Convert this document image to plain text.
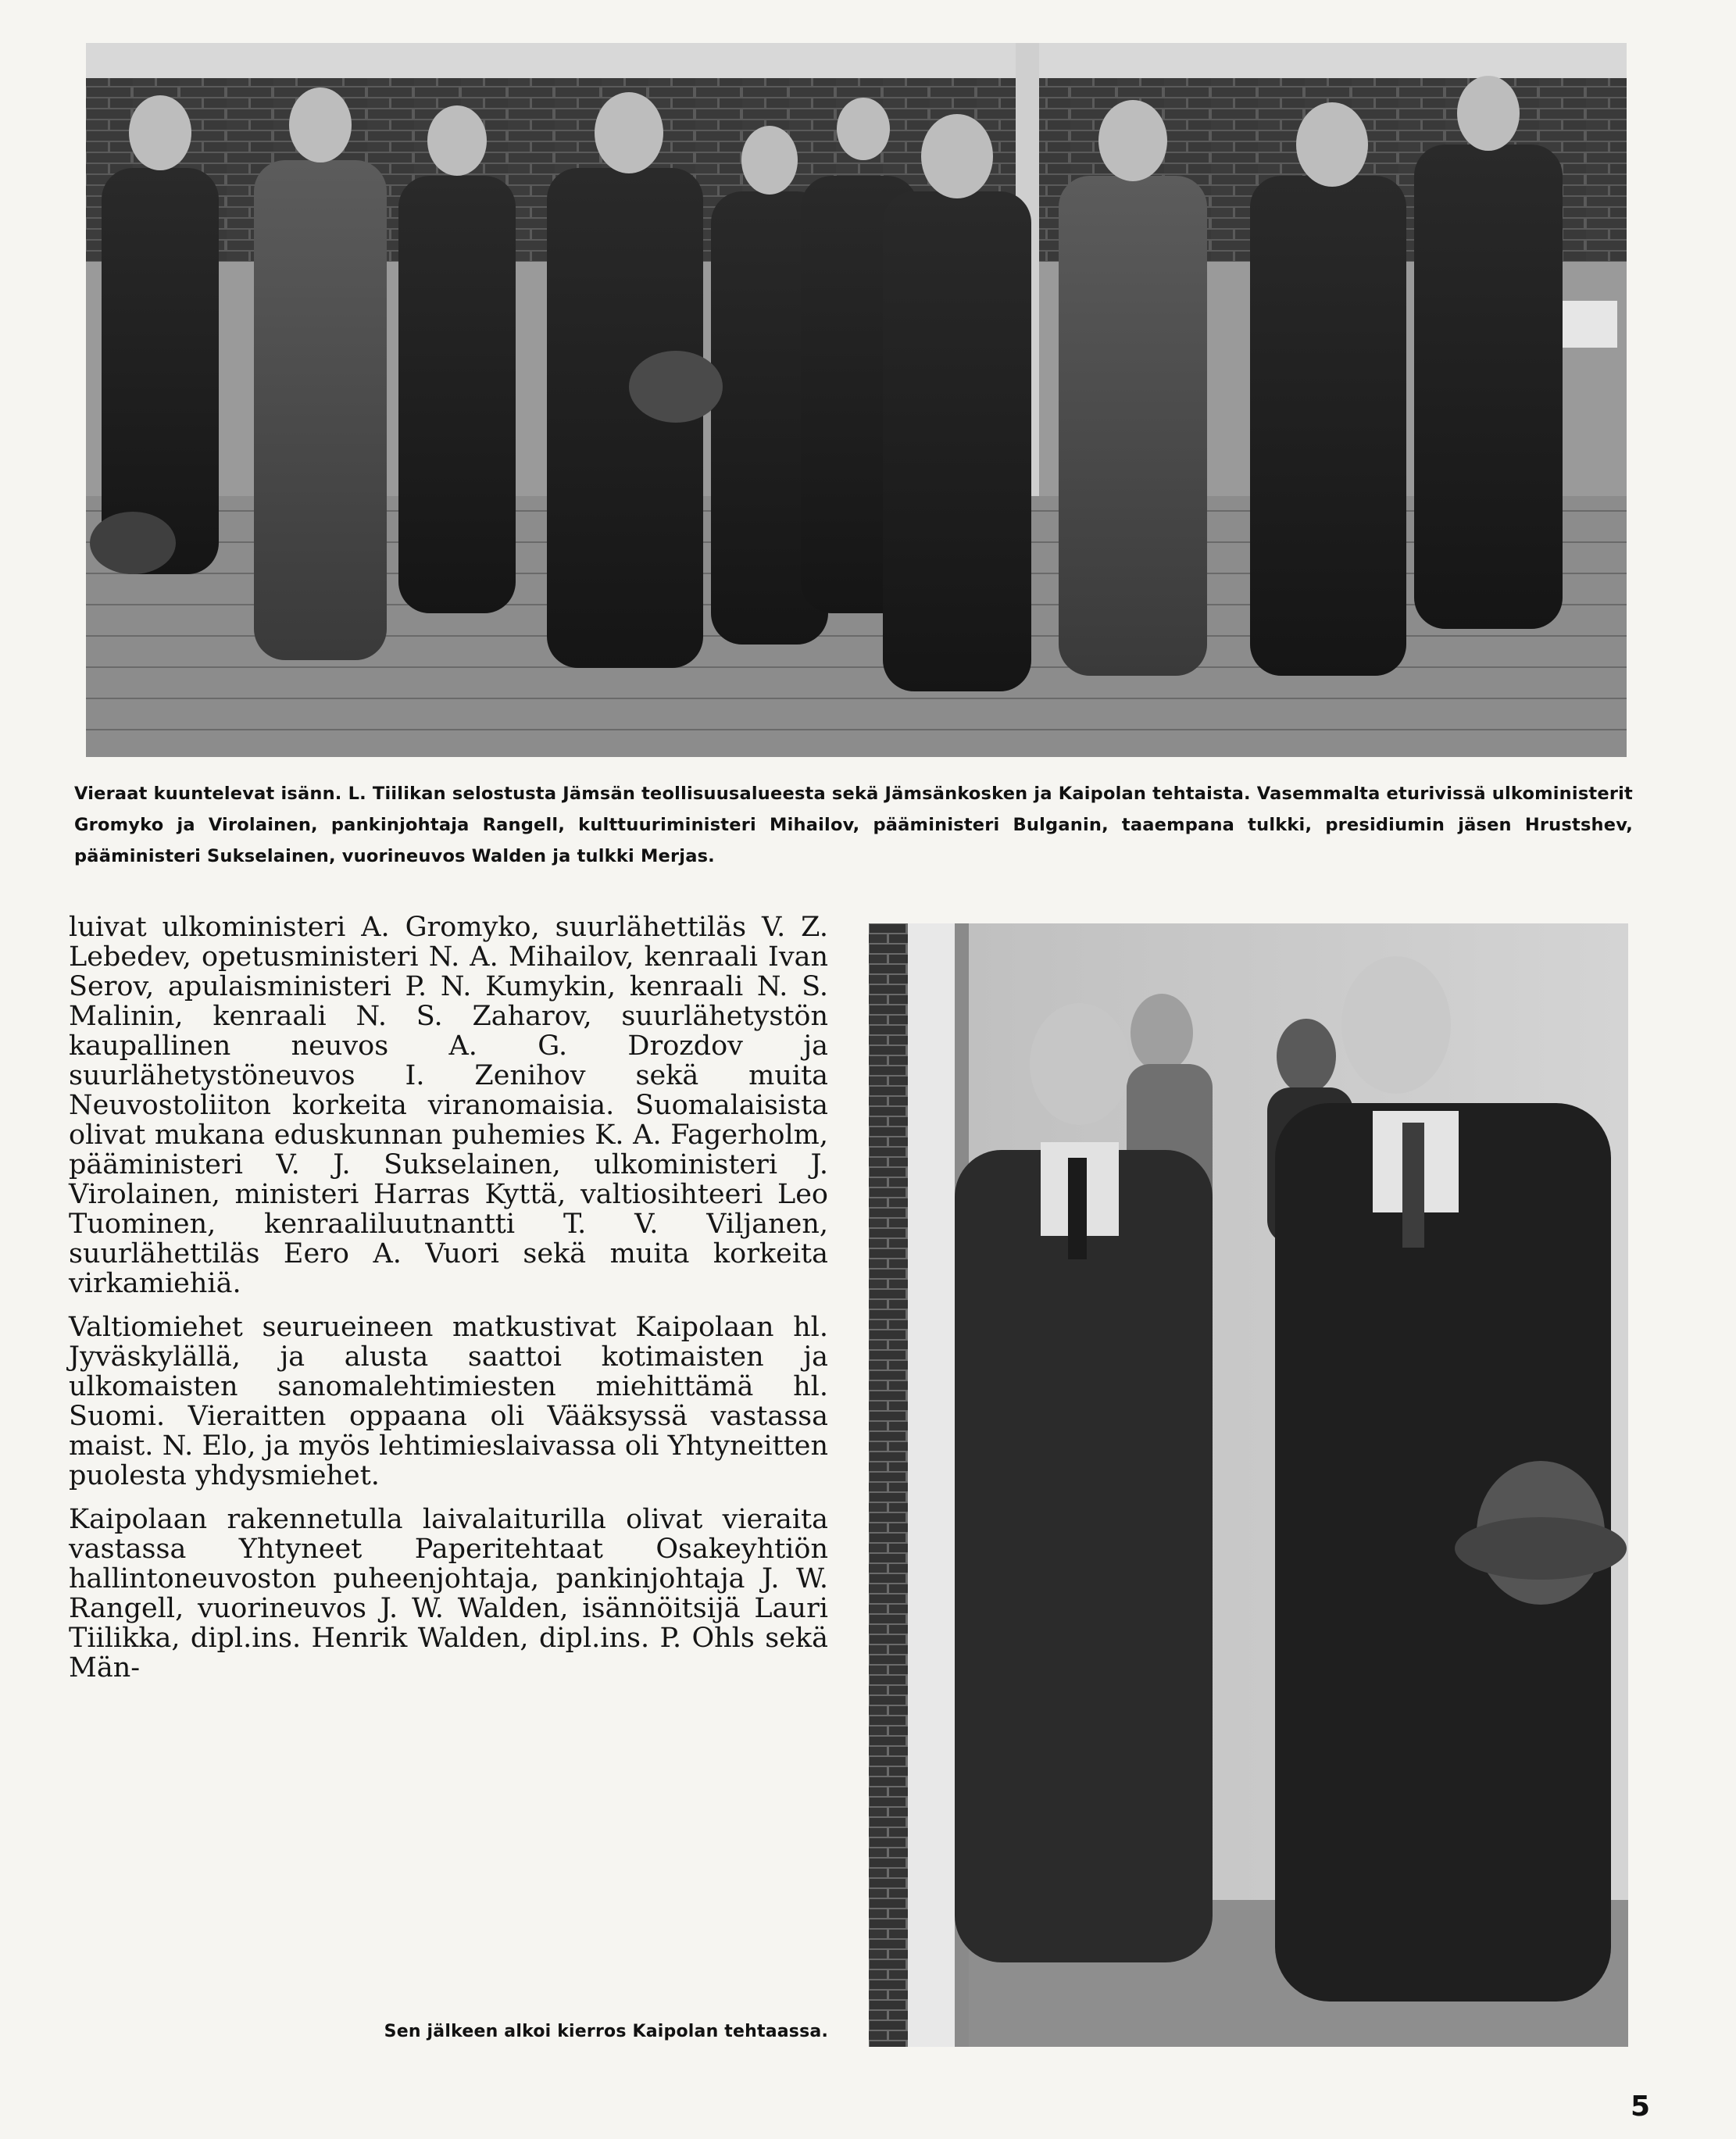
Vieraat kuuntelevat isänn. L. Tiilikan selostusta Jämsän teollisuusalueesta sekä Jämsänkosken ja Kaipolan tehtaista. Vasemmalta eturivissä ulkoministerit Gromyko ja Virolainen, pankinjohtaja Rangell, kulttuuriministeri Mihailov, pääministeri Bulganin, taaempana tulkki, presidiumin jäsen Hrustshev, pääministeri Sukselainen, vuorineuvos Walden ja tulkki Merjas.

luivat ulkoministeri A. Gromyko, suurlähettiläs V. Z. Lebedev, opetusministeri N. A. Mihailov, kenraali Ivan Serov, apulaisministeri P. N. Kumykin, kenraali N. S. Malinin, kenraali N. S. Zaharov, suurlähetystön kaupallinen neuvos A. G. Drozdov ja suurlähetystöneuvos I. Zenihov sekä muita Neuvostoliiton korkeita viranomaisia. Suomalaisista olivat mukana eduskunnan puhemies K. A. Fagerholm, pääministeri V. J. Sukselainen, ulkoministeri J. Virolainen, ministeri Harras Kyttä, valtiosihteeri Leo Tuominen, kenraaliluutnantti T. V. Viljanen, suurlähettiläs Eero A. Vuori sekä muita korkeita virkamiehiä.

Valtiomiehet seurueineen matkustivat Kaipolaan hl. Jyväskylällä, ja alusta saattoi kotimaisten ja ulkomaisten sanomalehtimiesten miehittämä hl. Suomi. Vieraitten oppaana oli Vääksyssä vastassa maist. N. Elo, ja myös lehtimieslaivassa oli Yhtyneitten puolesta yhdysmiehet.

Kaipolaan rakennetulla laivalaiturilla olivat vieraita vastassa Yhtyneet Paperitehtaat Osakeyhtiön hallintoneuvoston puheenjohtaja, pankinjohtaja J. W. Rangell, vuorineuvos J. W. Walden, isännöitsijä Lauri Tiilikka, dipl.ins. Henrik Walden, dipl.ins. P. Ohls sekä Män-

Sen jälkeen alkoi kierros Kaipolan tehtaassa.
5
